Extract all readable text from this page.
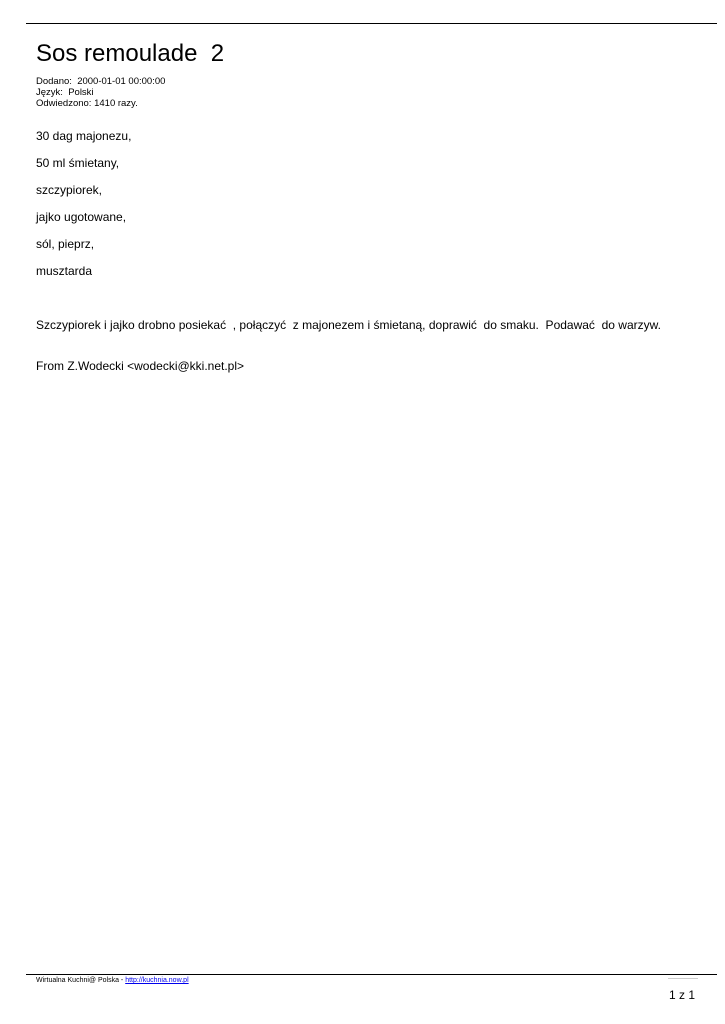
Sos remoulade  2
Dodano:  2000-01-01 00:00:00
Język:  Polski
Odwiedzono: 1410 razy.
30 dag majonezu,
50 ml śmietany,
szczypiorek,
jajko ugotowane,
sól, pieprz,
musztarda

Szczypiorek i jajko drobno posiekać  , połączyć  z majonezem i śmietaną, doprawić  do smaku.  Podawać  do warzyw.

From Z.Wodecki <wodecki@kki.net.pl>

Wirtualna Kuchni@ Polska - http://kuchnia.now.pl
1 z 1
